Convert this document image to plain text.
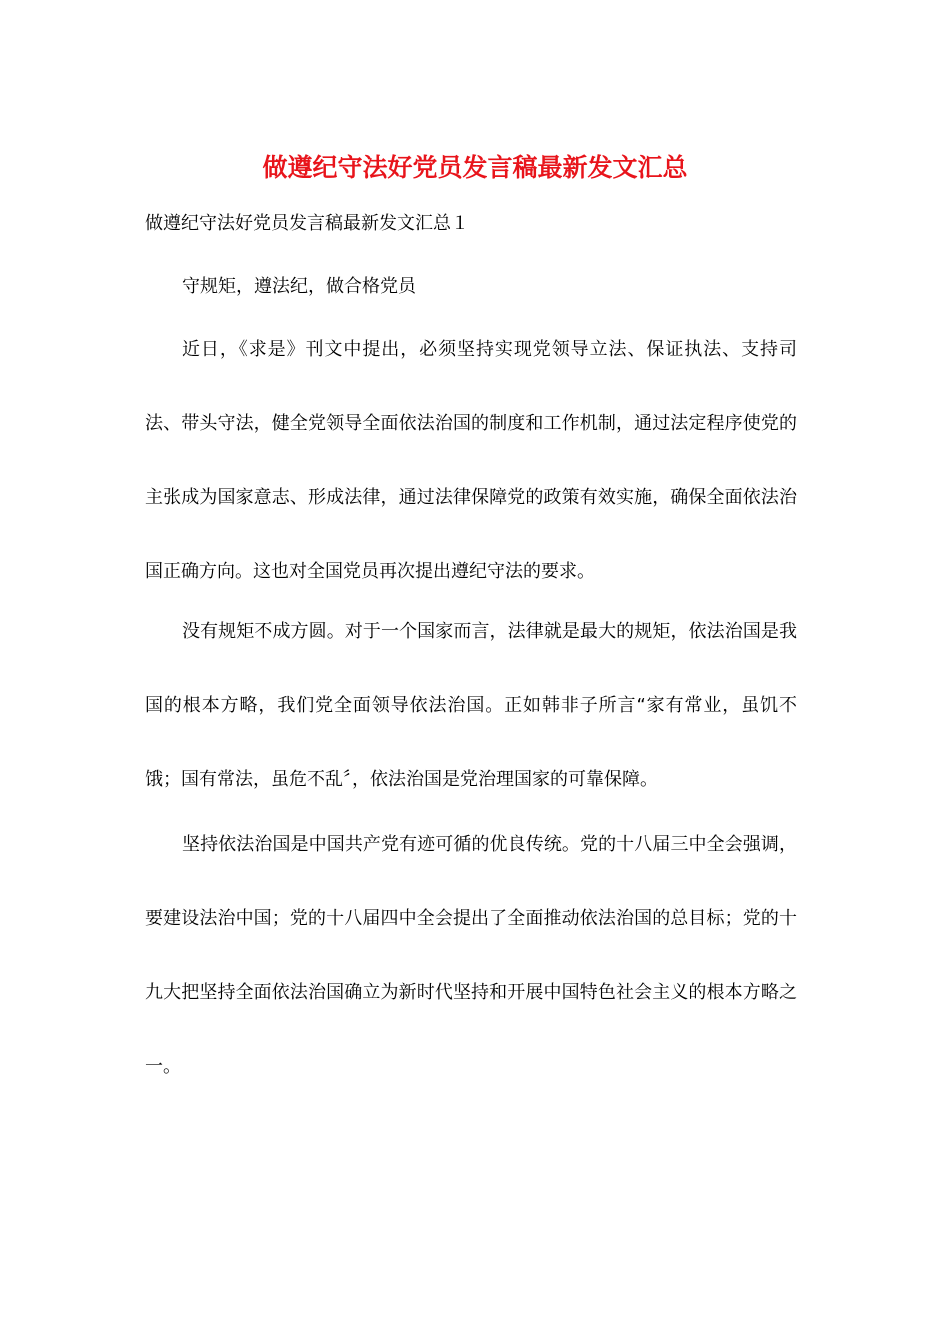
做遵纪守法好党员发言稿最新发文汇总
做遵纪守法好党员发言稿最新发文汇总１
守规矩，遵法纪，做合格党员

近日，《求是》刊文中提出，必须坚持实现党领导立法、保证执法、支持司法、带头守法，健全党领导全面依法治国的制度和工作机制，通过法定程序使党的主张成为国家意志、形成法律，通过法律保障党的政策有效实施，确保全面依法治国正确方向。这也对全国党员再次提出遵纪守法的要求。

没有规矩不成方圆。对于一个国家而言，法律就是最大的规矩，依法治国是我国的根本方略，我们党全面领导依法治国。正如韩非子所言“家有常业，虽饥不饿；国有常法，虽危不乱〞，依法治国是党治理国家的可靠保障。

坚持依法治国是中国共产党有迹可循的优良传统。党的十八届三中全会强调，要建设法治中国；党的十八届四中全会提出了全面推动依法治国的总目标；党的十九大把坚持全面依法治国确立为新时代坚持和开展中国特色社会主义的根本方略之一。
